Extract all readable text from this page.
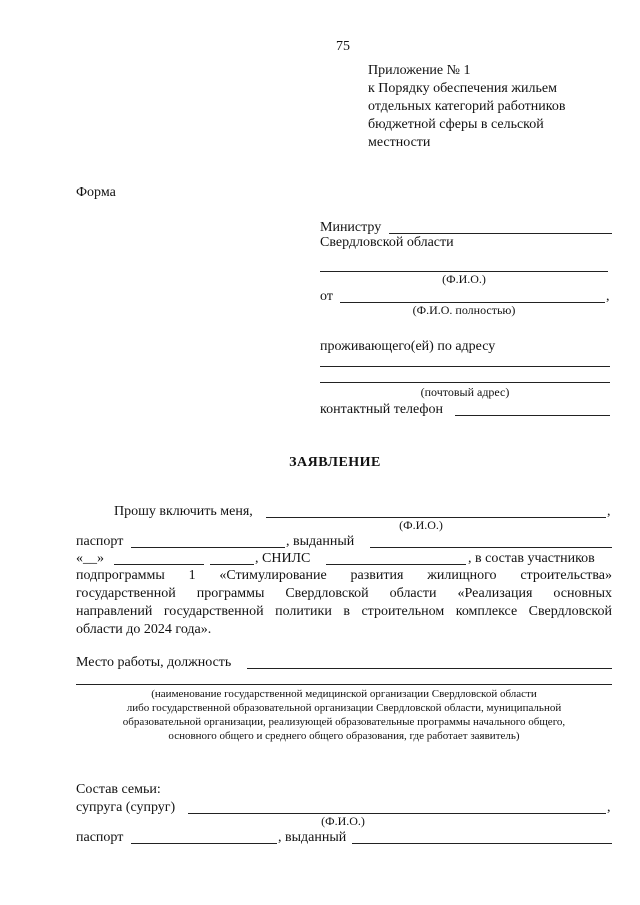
75
Приложение № 1
к Порядку обеспечения жильем
отдельных категорий работников
бюджетной сферы в сельской
местности
Форма
Министру
Свердловской области
(Ф.И.О.)
от	,
(Ф.И.О. полностью)
проживающего(ей) по адресу
(почтовый адрес)
контактный телефон
ЗАЯВЛЕНИЕ
Прошу включить меня,	,
(Ф.И.О.)
паспорт	, выданный
«__»	, СНИЛС	, в состав участников
подпрограммы 1 «Стимулирование развития жилищного строительства»
государственной программы Свердловской области «Реализация основных
направлений государственной политики в строительном комплексе Свердловской
области до 2024 года».
Место работы, должность
(наименование государственной медицинской организации Свердловской области
либо государственной образовательной организации Свердловской области, муниципальной
образовательной организации, реализующей образовательные программы начального общего,
основного общего и среднего общего образования, где работает заявитель)
Состав семьи:
супруга (супруг)	,
(Ф.И.О.)
паспорт	, выданный
